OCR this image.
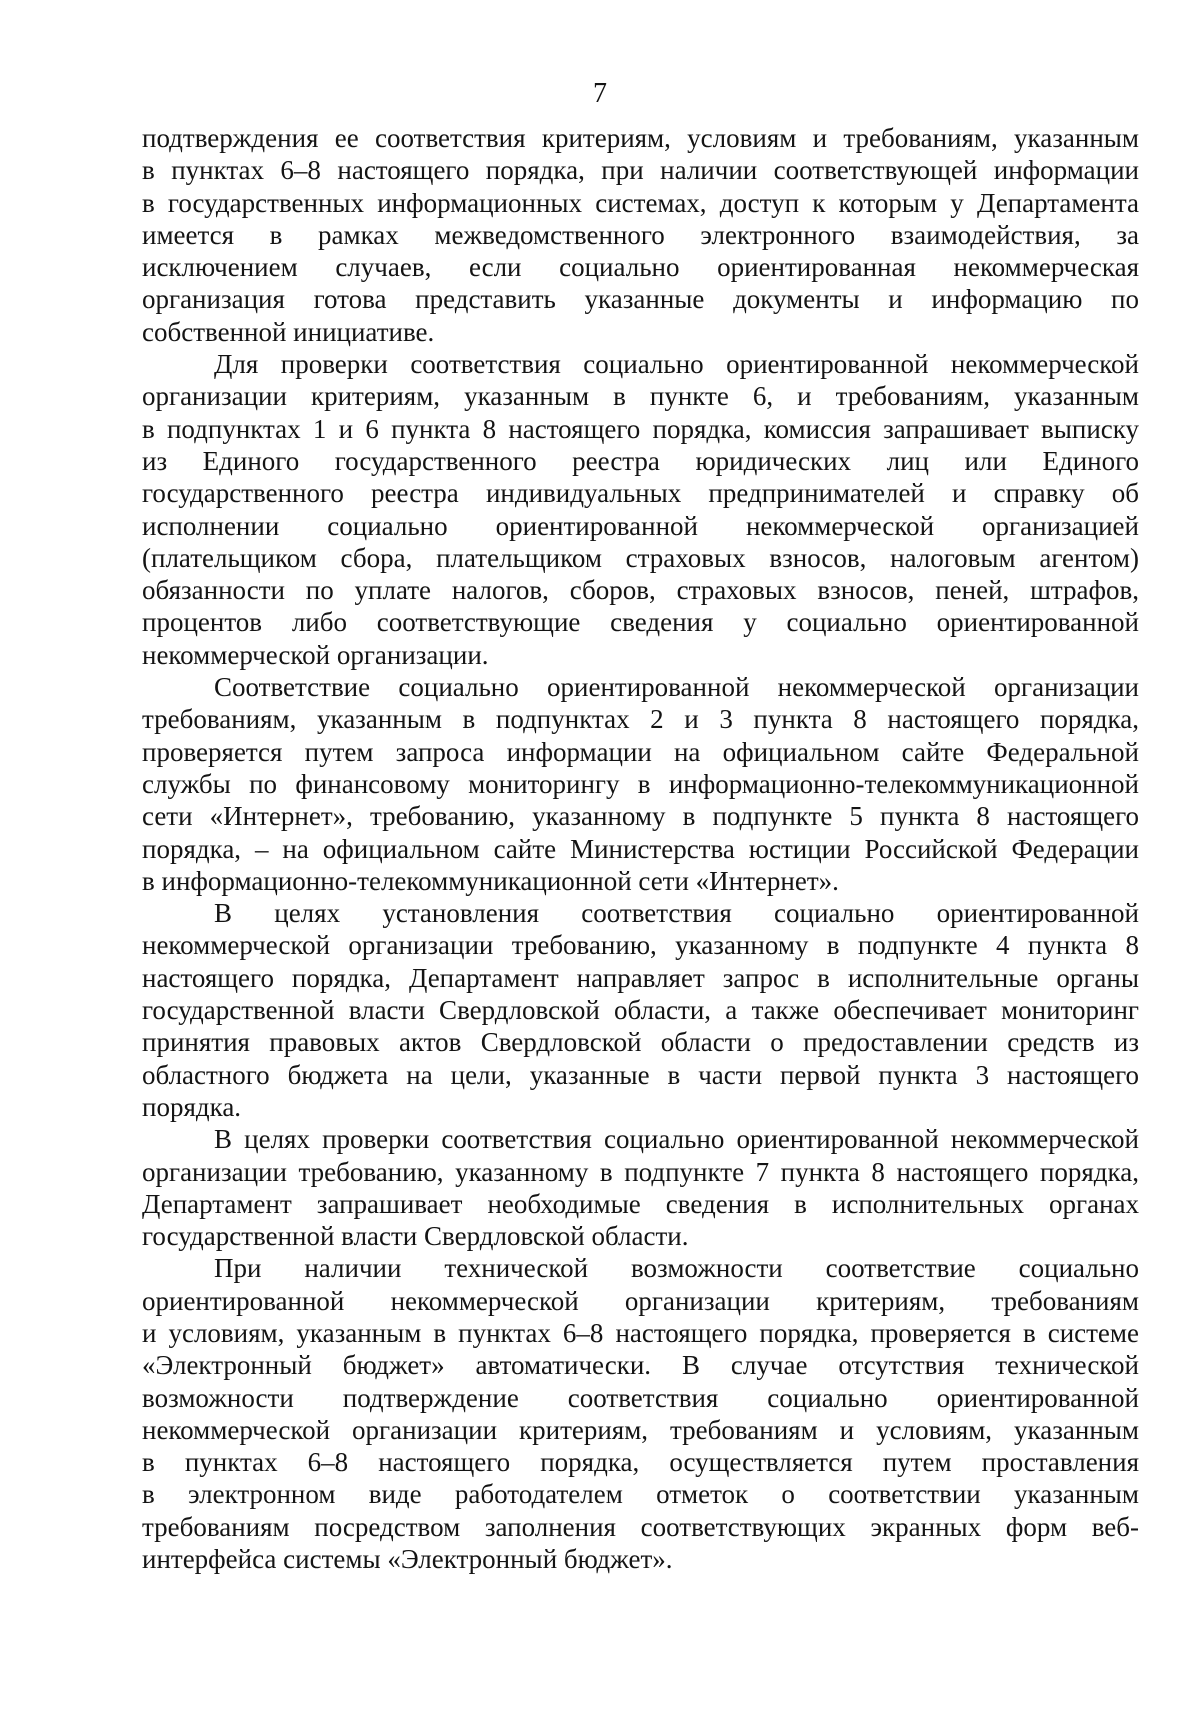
7

подтверждения ее соответствия критериям, условиям и требованиям, указанным
в пунктах 6–8 настоящего порядка, при наличии соответствующей информации
в государственных информационных системах, доступ к которым у Департамента
имеется в рамках межведомственного электронного взаимодействия, за
исключением случаев, если социально ориентированная некоммерческая
организация готова представить указанные документы и информацию по
собственной инициативе.

Для проверки соответствия социально ориентированной некоммерческой
организации критериям, указанным в пункте 6, и требованиям, указанным
в подпунктах 1 и 6 пункта 8 настоящего порядка, комиссия запрашивает выписку
из Единого государственного реестра юридических лиц или Единого
государственного реестра индивидуальных предпринимателей и справку об
исполнении социально ориентированной некоммерческой организацией
(плательщиком сбора, плательщиком страховых взносов, налоговым агентом)
обязанности по уплате налогов, сборов, страховых взносов, пеней, штрафов,
процентов либо соответствующие сведения у социально ориентированной
некоммерческой организации.

Соответствие социально ориентированной некоммерческой организации
требованиям, указанным в подпунктах 2 и 3 пункта 8 настоящего порядка,
проверяется путем запроса информации на официальном сайте Федеральной
службы по финансовому мониторингу в информационно-телекоммуникационной
сети «Интернет», требованию, указанному в подпункте 5 пункта 8 настоящего
порядка, – на официальном сайте Министерства юстиции Российской Федерации
в информационно-телекоммуникационной сети «Интернет».

В целях установления соответствия социально ориентированной
некоммерческой организации требованию, указанному в подпункте 4 пункта 8
настоящего порядка, Департамент направляет запрос в исполнительные органы
государственной власти Свердловской области, а также обеспечивает мониторинг
принятия правовых актов Свердловской области о предоставлении средств из
областного бюджета на цели, указанные в части первой пункта 3 настоящего
порядка.

В целях проверки соответствия социально ориентированной некоммерческой
организации требованию, указанному в подпункте 7 пункта 8 настоящего порядка,
Департамент запрашивает необходимые сведения в исполнительных органах
государственной власти Свердловской области.

При наличии технической возможности соответствие социально
ориентированной некоммерческой организации критериям, требованиям
и условиям, указанным в пунктах 6–8 настоящего порядка, проверяется в системе
«Электронный бюджет» автоматически. В случае отсутствия технической
возможности подтверждение соответствия социально ориентированной
некоммерческой организации критериям, требованиям и условиям, указанным
в пунктах 6–8 настоящего порядка, осуществляется путем проставления
в электронном виде работодателем отметок о соответствии указанным
требованиям посредством заполнения соответствующих экранных форм веб-
интерфейса системы «Электронный бюджет».
